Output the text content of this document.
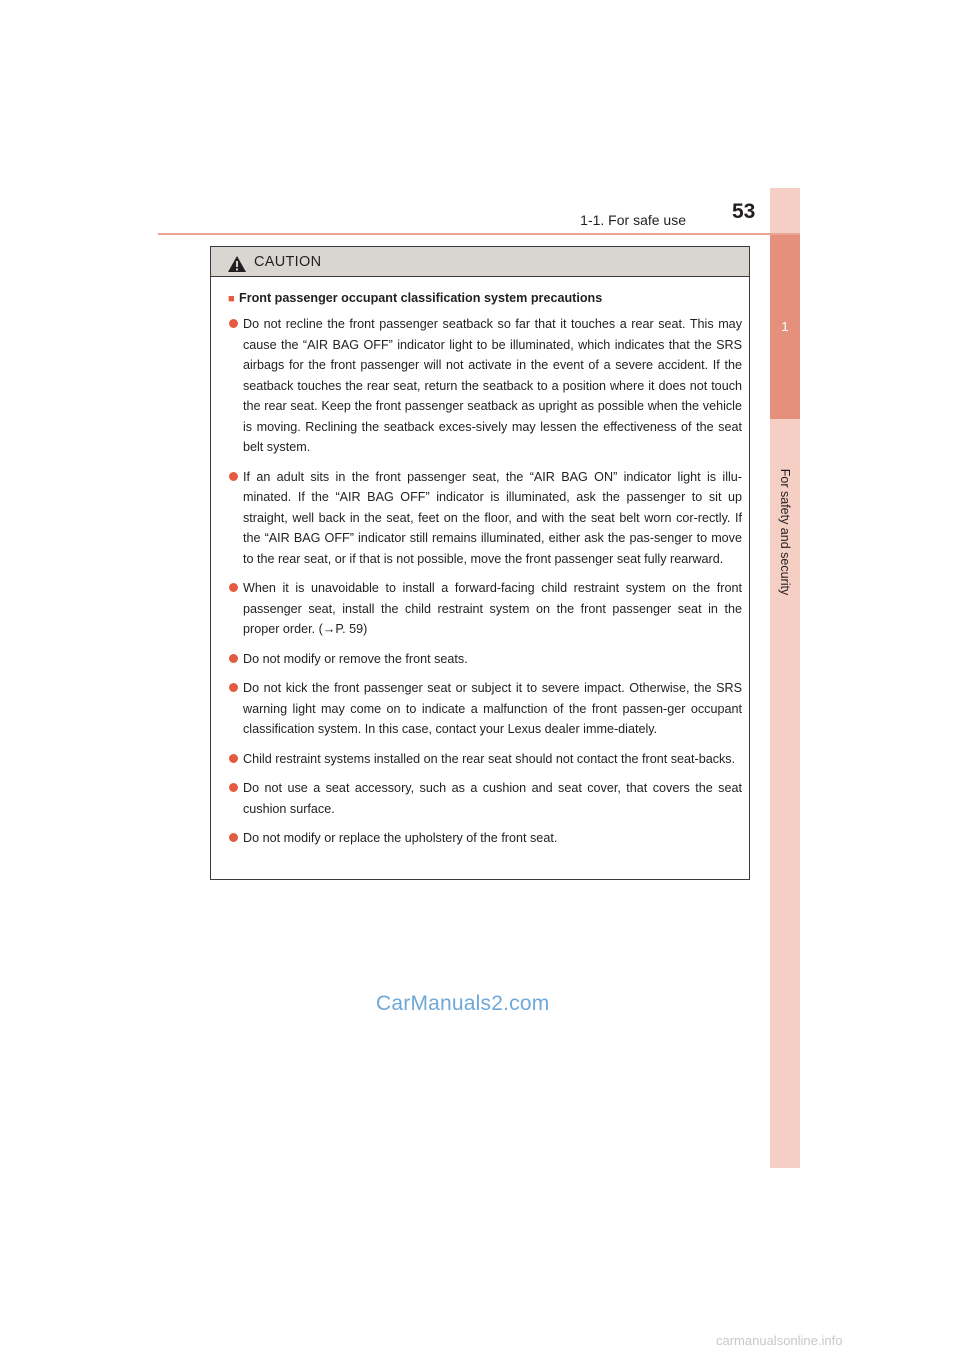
1
For safety and security
1-1. For safe use 53
CAUTION
■ Front passenger occupant classification system precautions
Do not recline the front passenger seatback so far that it touches a rear seat. This may cause the “AIR BAG OFF” indicator light to be illuminated, which indicates that the SRS airbags for the front passenger will not activate in the event of a severe accident. If the seatback touches the rear seat, return the seatback to a position where it does not touch the rear seat. Keep the front passenger seatback as upright as possible when the vehicle is moving. Reclining the seatback exces-sively may lessen the effectiveness of the seat belt system.
If an adult sits in the front passenger seat, the “AIR BAG ON” indicator light is illu-minated. If the “AIR BAG OFF” indicator is illuminated, ask the passenger to sit up straight, well back in the seat, feet on the floor, and with the seat belt worn cor-rectly. If the “AIR BAG OFF” indicator still remains illuminated, either ask the pas-senger to move to the rear seat, or if that is not possible, move the front passenger seat fully rearward.
When it is unavoidable to install a forward-facing child restraint system on the front passenger seat, install the child restraint system on the front passenger seat in the proper order. (→P. 59)
Do not modify or remove the front seats.
Do not kick the front passenger seat or subject it to severe impact. Otherwise, the SRS warning light may come on to indicate a malfunction of the front passen-ger occupant classification system. In this case, contact your Lexus dealer imme-diately.
Child restraint systems installed on the rear seat should not contact the front seat-backs.
Do not use a seat accessory, such as a cushion and seat cover, that covers the seat cushion surface.
Do not modify or replace the upholstery of the front seat.
CarManuals2.com
carmanualsonline.info
